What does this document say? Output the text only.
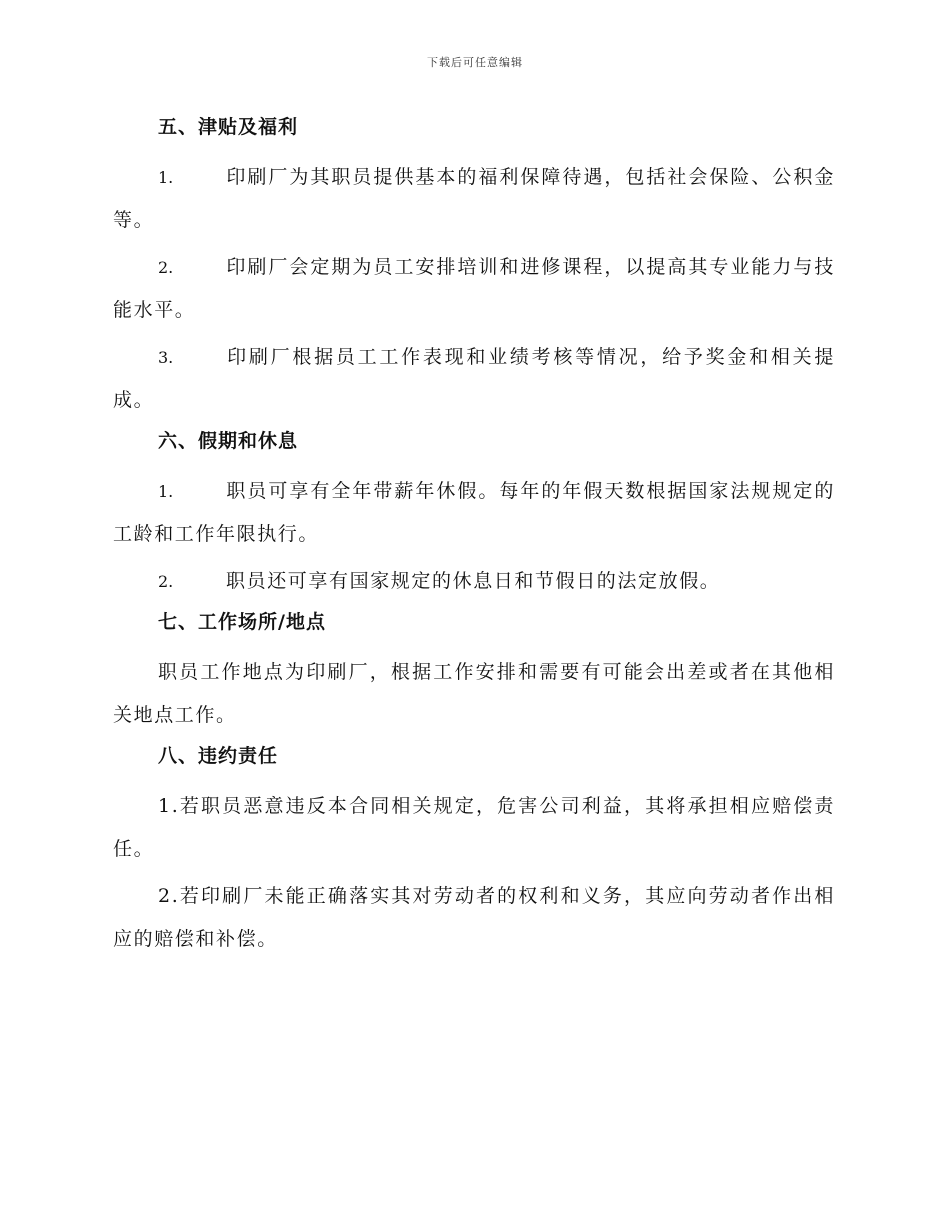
下载后可任意编辑
五、津贴及福利

1.	印刷厂为其职员提供基本的福利保障待遇，包括社会保险、公积金等。

2.	印刷厂会定期为员工安排培训和进修课程，以提高其专业能力与技能水平。

3.	印刷厂根据员工工作表现和业绩考核等情况，给予奖金和相关提成。

六、假期和休息

1.	职员可享有全年带薪年休假。每年的年假天数根据国家法规规定的工龄和工作年限执行。

2.	职员还可享有国家规定的休息日和节假日的法定放假。

七、工作场所/地点

职员工作地点为印刷厂，根据工作安排和需要有可能会出差或者在其他相关地点工作。

八、违约责任

1.若职员恶意违反本合同相关规定，危害公司利益，其将承担相应赔偿责任。

2.若印刷厂未能正确落实其对劳动者的权利和义务，其应向劳动者作出相应的赔偿和补偿。
